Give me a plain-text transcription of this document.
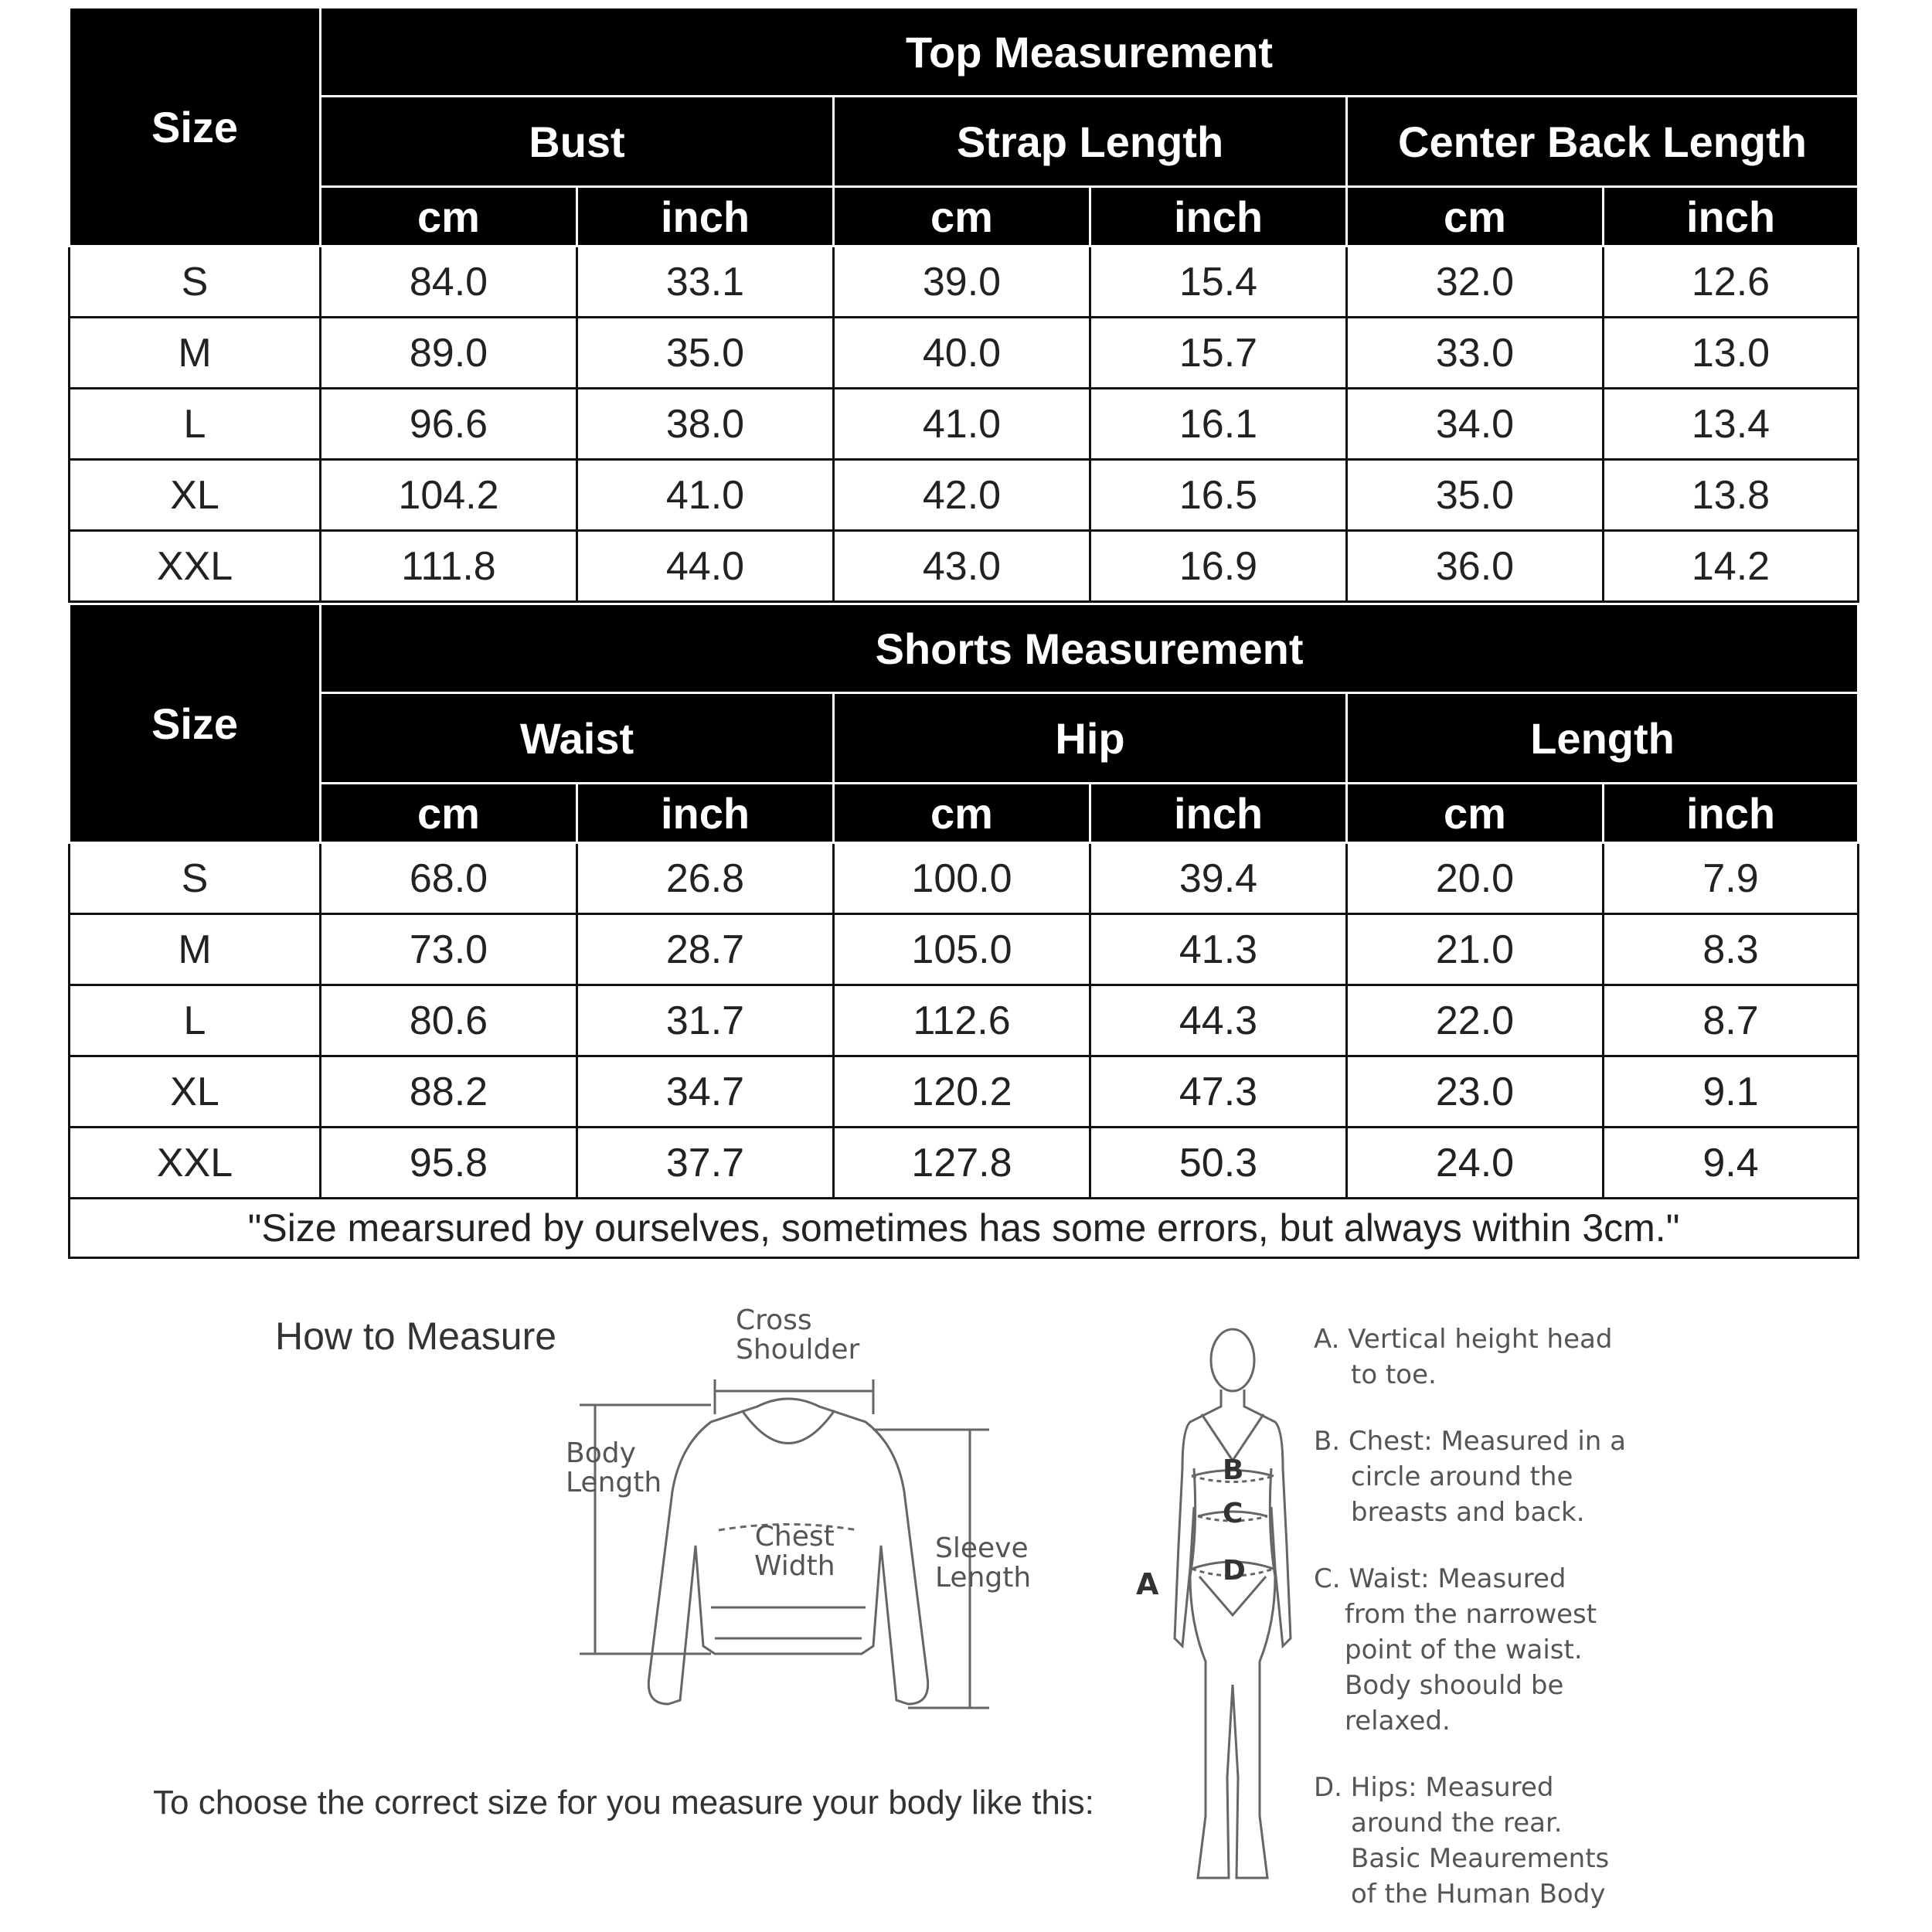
Size	Top Measurement					
	Bust		Strap Length		Center Back Length	
	cm	inch	cm	inch	cm	inch
S	84.0	33.1	39.0	15.4	32.0	12.6
M	89.0	35.0	40.0	15.7	33.0	13.0
L	96.6	38.0	41.0	16.1	34.0	13.4
XL	104.2	41.0	42.0	16.5	35.0	13.8
XXL	111.8	44.0	43.0	16.9	36.0	14.2
Size	Shorts Measurement					
	Waist		Hip		Length	
	cm	inch	cm	inch	cm	inch
S	68.0	26.8	100.0	39.4	20.0	7.9
M	73.0	28.7	105.0	41.3	21.0	8.3
L	80.6	31.7	112.6	44.3	22.0	8.7
XL	88.2	34.7	120.2	47.3	23.0	9.1
XXL	95.8	37.7	127.8	50.3	24.0	9.4
"Size mearsured by ourselves, sometimes has some errors, but always within 3cm."						
How to Measure
To choose the correct size for you measure your body like this:
Cross
Shoulder
Body
Length
Chest
Width
Sleeve
Length
B
C
D
A
A. Vertical height head
to toe.
B. Chest: Measured in a
circle around the
breasts and back.
C. Waist: Measured
from the narrowest
point of the waist.
Body shoould be
relaxed.
D. Hips: Measured
around the rear.
Basic Meaurements
of the Human Body
